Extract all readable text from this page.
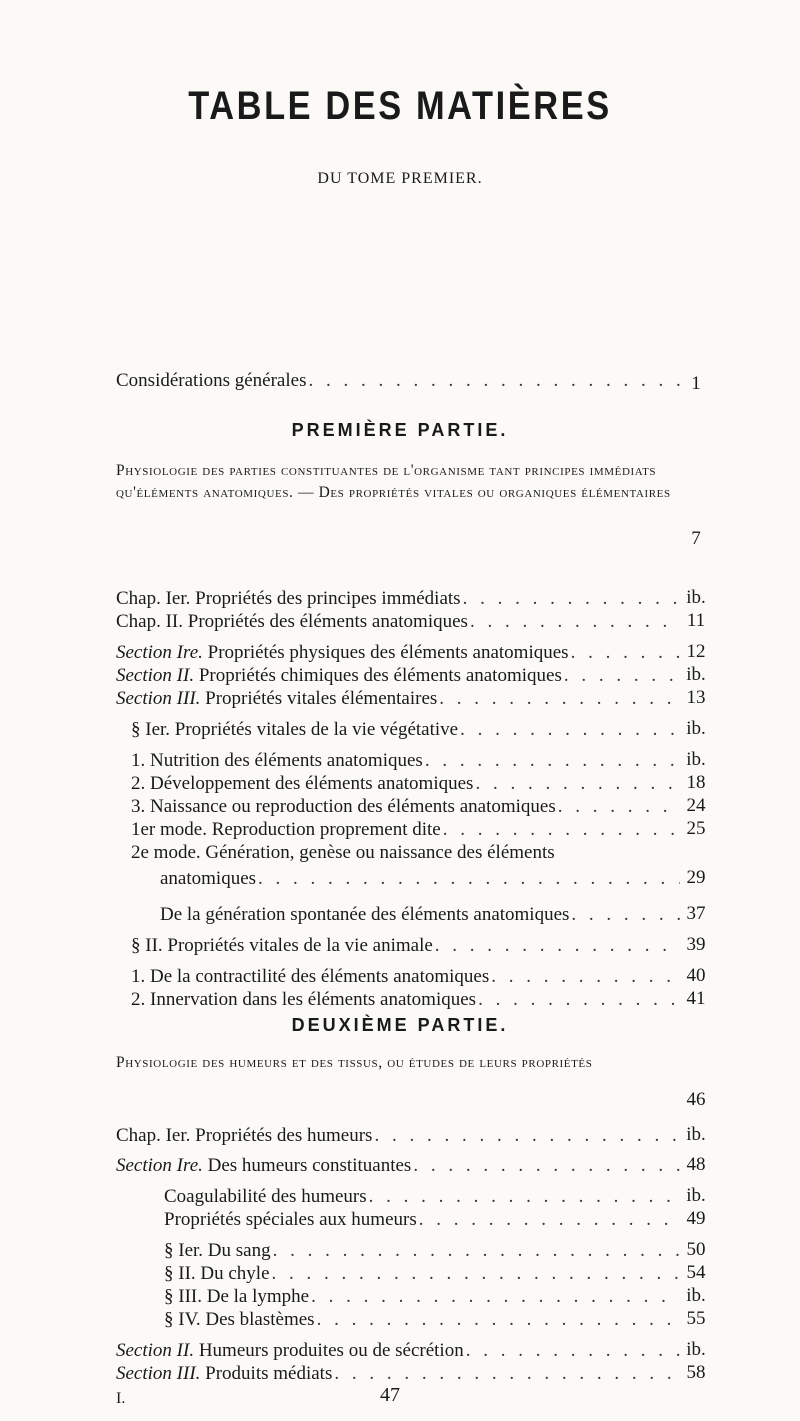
TABLE DES MATIÈRES
DU TOME PREMIER.
Considérations générales . . .	1
PREMIÈRE PARTIE.
Physiologie des parties constituantes de l'organisme tant principes immédiats qu'éléments anatomiques. — Des propriétés vitales ou organiques élémentaires
7
Chap. Ier. Propriétés des principes immédiats . . .	ib.
Chap. II. Propriétés des éléments anatomiques . . .	11
Section Ire. Propriétés physiques des éléments anatomiques . . .	12
Section II. Propriétés chimiques des éléments anatomiques . . .	ib.
Section III. Propriétés vitales élémentaires . . .	13
§ Ier. Propriétés vitales de la vie végétative . . .	ib.
1. Nutrition des éléments anatomiques . . .	ib.
2. Développement des éléments anatomiques . . .	18
3. Naissance ou reproduction des éléments anatomiques . . .	24
1er mode. Reproduction proprement dite . . .	25
2e mode. Génération, genèse ou naissance des éléments
anatomiques . . .	29
De la génération spontanée des éléments anatomiques . . .	37
§ II. Propriétés vitales de la vie animale . . .	39
1. De la contractilité des éléments anatomiques . . .	40
2. Innervation dans les éléments anatomiques . . .	41
DEUXIÈME PARTIE.
Physiologie des humeurs et des tissus, ou études de leurs propriétés
46
Chap. Ier. Propriétés des humeurs . . .	ib.
Section Ire. Des humeurs constituantes . . .	48
Coagulabilité des humeurs . . .	ib.
Propriétés spéciales aux humeurs . . .	49
§ Ier. Du sang . . .	50
§ II. Du chyle . . .	54
§ III. De la lymphe . . .	ib.
§ IV. Des blastèmes . . .	55
Section II. Humeurs produites ou de sécrétion . . .	ib.
Section III. Produits médiats . . .	58
I.	47
